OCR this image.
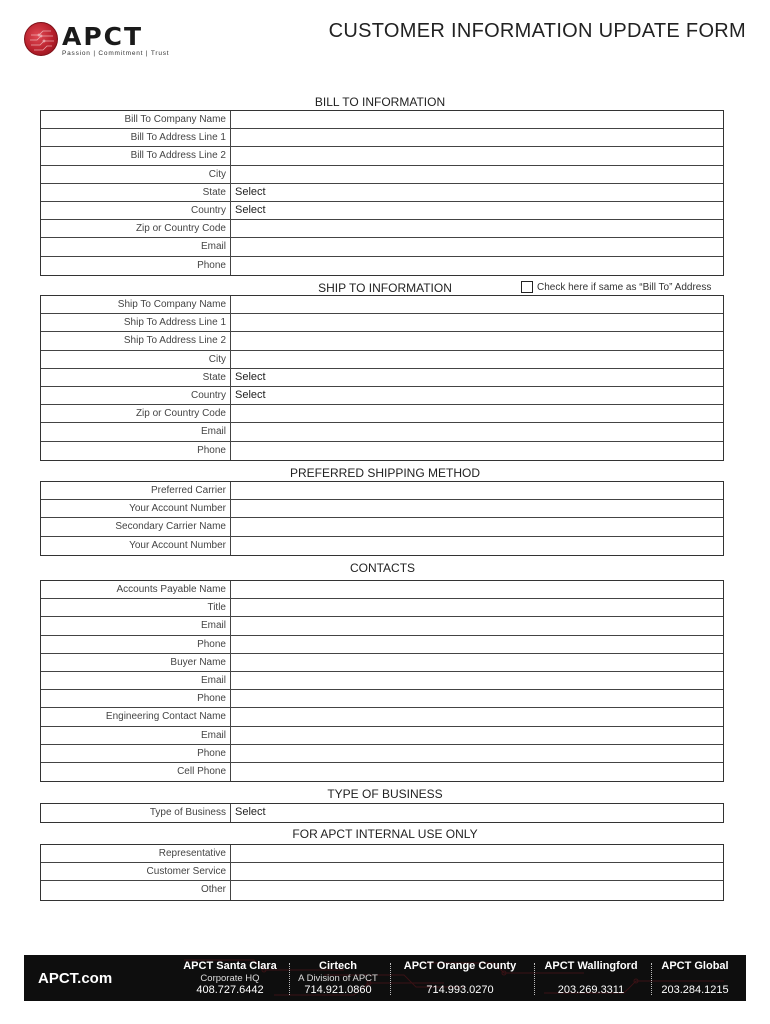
APCT
Passion | Commitment | Trust
CUSTOMER INFORMATION UPDATE FORM
BILL TO INFORMATION
Bill To Company Name
Bill To Address Line 1
Bill To Address Line 2
City
State Select
Country Select
Zip or Country Code
Email
Phone
SHIP TO INFORMATION	Check here if same as “Bill To” Address
Ship To Company Name
Ship To Address Line 1
Ship To Address Line 2
City
State Select
Country Select
Zip or Country Code
Email
Phone
PREFERRED SHIPPING METHOD
Preferred Carrier
Your Account Number
Secondary Carrier Name
Your Account Number
CONTACTS
Accounts Payable Name
Title
Email
Phone
Buyer Name
Email
Phone
Engineering Contact Name
Email
Phone
Cell Phone
TYPE OF BUSINESS
Type of Business Select
FOR APCT INTERNAL USE ONLY
Representative
Customer Service
Other
APCT.com
APCT Santa Clara
Corporate HQ
408.727.6442
Cirtech
A Division of APCT
714.921.0860
APCT Orange County
714.993.0270
APCT Wallingford
203.269.3311
APCT Global
203.284.1215
